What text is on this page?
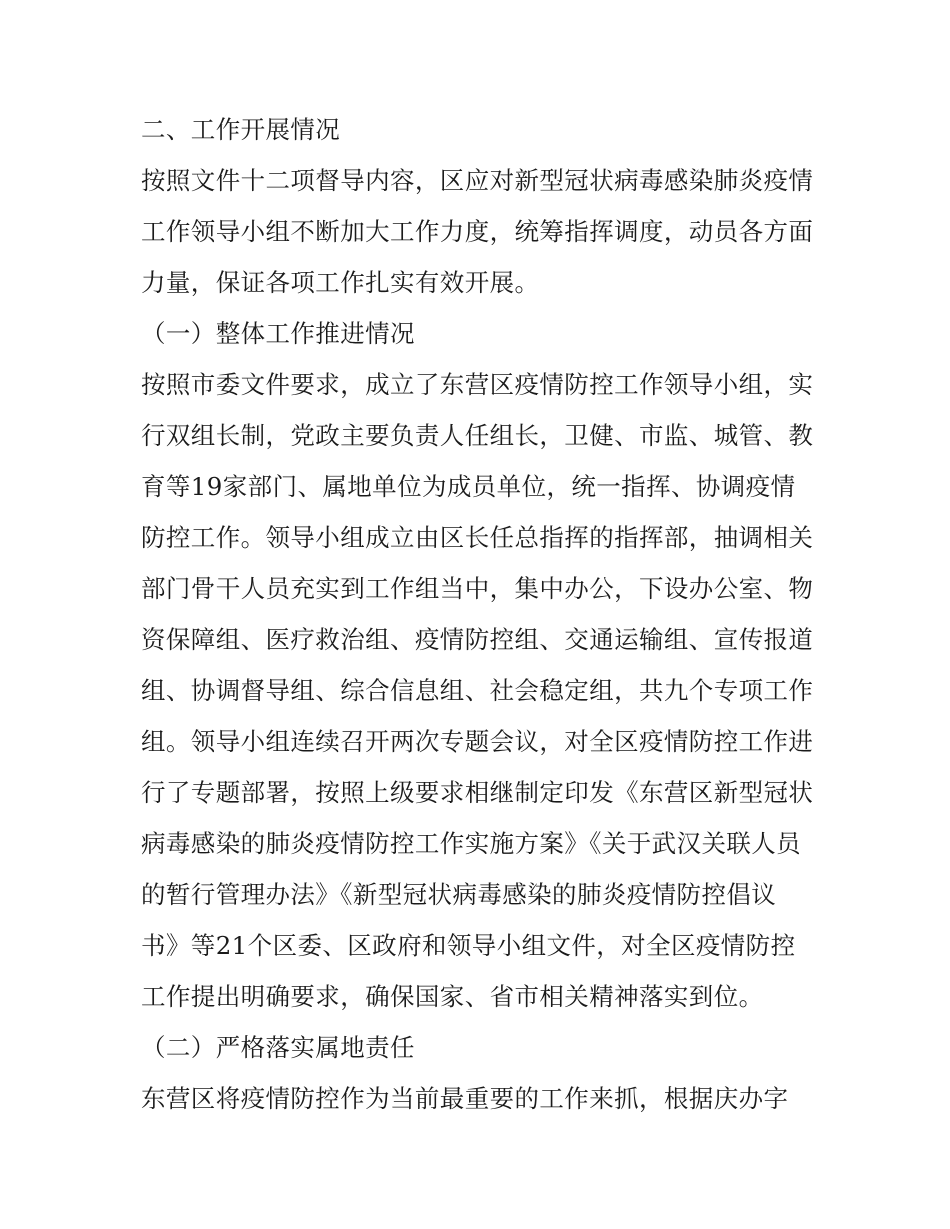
二、工作开展情况
按照文件十二项督导内容，区应对新型冠状病毒感染肺炎疫情
工作领导小组不断加大工作力度，统筹指挥调度，动员各方面
力量，保证各项工作扎实有效开展。
（一）整体工作推进情况
按照市委文件要求，成立了东营区疫情防控工作领导小组，实
行双组长制，党政主要负责人任组长，卫健、市监、城管、教
育等19家部门、属地单位为成员单位，统一指挥、协调疫情
防控工作。领导小组成立由区长任总指挥的指挥部，抽调相关
部门骨干人员充实到工作组当中，集中办公，下设办公室、物
资保障组、医疗救治组、疫情防控组、交通运输组、宣传报道
组、协调督导组、综合信息组、社会稳定组，共九个专项工作
组。领导小组连续召开两次专题会议，对全区疫情防控工作进
行了专题部署，按照上级要求相继制定印发《东营区新型冠状
病毒感染的肺炎疫情防控工作实施方案》《关于武汉关联人员
的暂行管理办法》《新型冠状病毒感染的肺炎疫情防控倡议
书》等21个区委、区政府和领导小组文件，对全区疫情防控
工作提出明确要求，确保国家、省市相关精神落实到位。
（二）严格落实属地责任
东营区将疫情防控作为当前最重要的工作来抓，根据庆办字
